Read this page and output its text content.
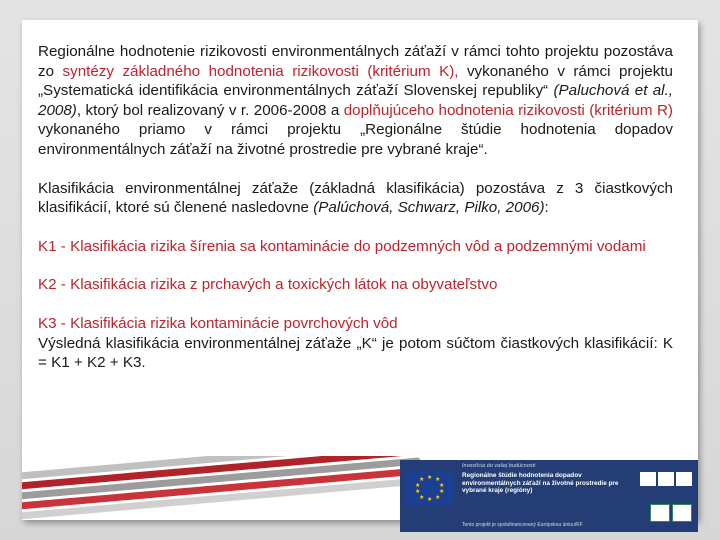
Regionálne hodnotenie rizikovosti environmentálnych záťaží v rámci tohto projektu pozostáva zo syntézy základného hodnotenia rizikovosti (kritérium K), vykonaného v rámci projektu „Systematická identifikácia environmentálnych záťaží Slovenskej republiky“ (Paluchová et al., 2008), ktorý bol realizovaný v r. 2006-2008 a doplňujúceho hodnotenia rizikovosti (kritérium R) vykonaného priamo v rámci projektu „Regionálne štúdie hodnotenia dopadov environmentálnych záťaží na životné prostredie pre vybrané kraje“.

Klasifikácia environmentálnej záťaže (základná klasifikácia) pozostáva z 3 čiastkových klasifikácií, ktoré sú členené nasledovne (Palúchová, Schwarz, Pilko, 2006):

K1 - Klasifikácia rizika šírenia sa kontaminácie do podzemných vôd a podzemnými vodami

K2 - Klasifikácia rizika z prchavých a toxických látok na obyvateľstvo

K3 - Klasifikácia rizika kontaminácie povrchových vôd

Výsledná klasifikácia environmentálnej záťaže „K“ je potom súčtom čiastkových klasifikácií: K = K1 + K2 + K3.

★ ★
★
★
★
★
★
★
★
★
Investícia do vašej budúcnosti
Regionálne štúdie hodnotenia dopadov environmentálnych záťaží na životné prostredie pre vybrané kraje (regióny)
Tento projekt je spolufinancovaný Európskou úniou/KF
